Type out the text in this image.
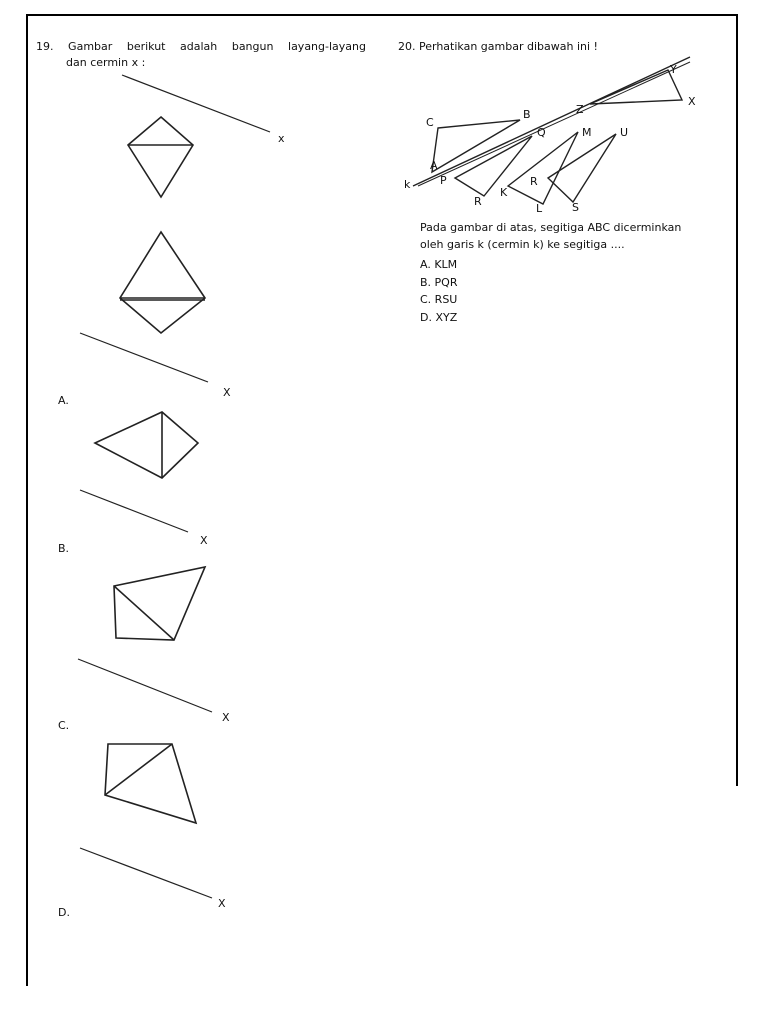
19. Gambar berikut adalah bangun layang-layang
dan cermin x :
20. Perhatikan gambar dibawah ini !
Pada gambar di atas, segitiga ABC dicerminkan
oleh garis k (cermin k) ke segitiga ....
A. KLM
B. PQR
C. RSU
D. XYZ
A.
B.
C.
D.
x
X
X
X
X
C
B
A
k	P
Q
R
K
L
M
R
S
U
Z
Y
X
